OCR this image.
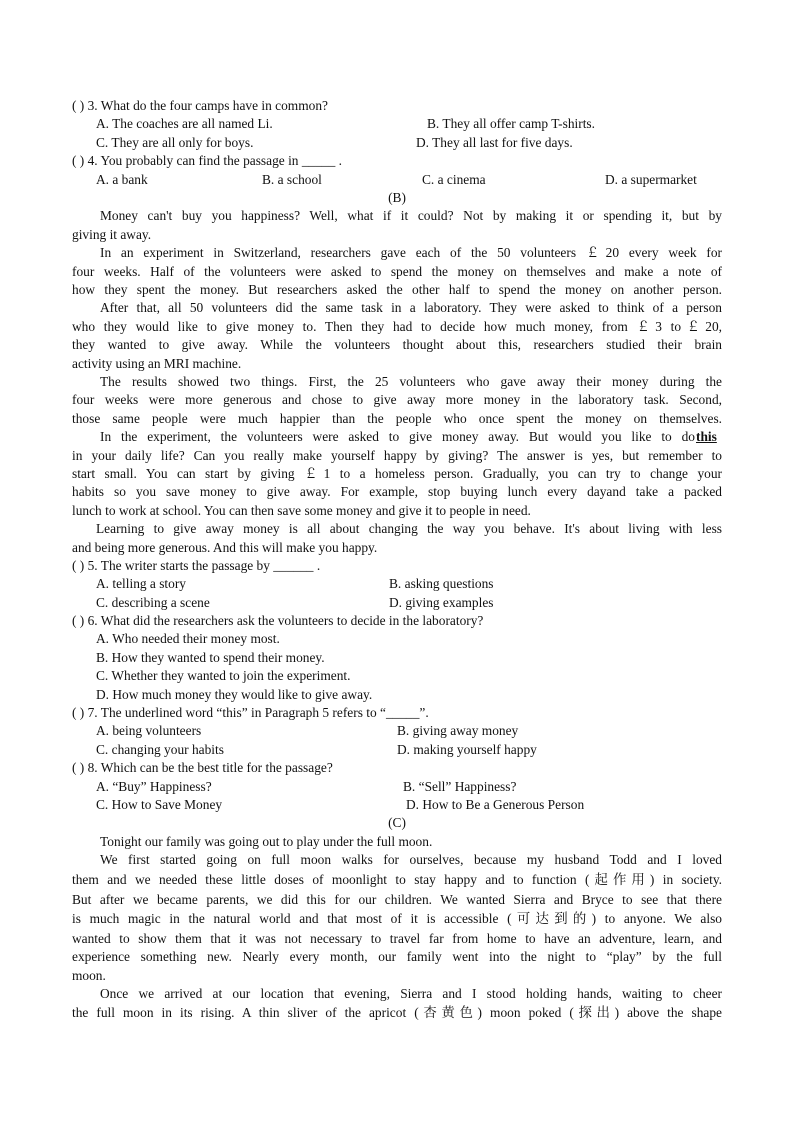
( ) 3. What do the four camps have in common?
A. The coaches are all named Li.	B. They all offer camp T-shirts.
C. They are all only for boys.	D. They all last for five days.
( ) 4. You probably can find the passage in _____ .
A. a bank	B. a school	C. a cinema	D. a supermarket
(B)
Money can't buy you happiness? Well, what if it could? Not by making it or spending it, but by
giving it away.
In an experiment in Switzerland, researchers gave each of the 50 volunteers ￡20 every week for
four weeks. Half of the volunteers were asked to spend the money on themselves and make a note of
how they spent the money. But researchers asked the other half to spend the money on another person.
After that, all 50 volunteers did the same task in a laboratory. They were asked to think of a person
who they would like to give money to. Then they had to decide how much money, from ￡3 to￡20,
they wanted to give away. While the volunteers thought about this, researchers studied their brain
activity using an MRI machine.
The results showed two things. First, the 25 volunteers who gave away their money during the
four weeks were more generous and chose to give away more money in the laboratory task. Second,
those same people were much happier than the people who once spent the money on themselves.
In the experiment, the volunteers were asked to give money away. But would you like to do this
in your daily life? Can you really make yourself happy by giving? The answer is yes, but remember to
start small. You can start by giving ￡1 to a homeless person. Gradually, you can try to change your
habits so you save money to give away. For example, stop buying lunch every dayand take a packed
lunch to work at school. You can then save some money and give it to people in need.
Learning to give away money is all about changing the way you behave. It's about living with less
and being more generous. And this will make you happy.
( ) 5. The writer starts the passage by ______ .
A. telling a story	B. asking questions
C. describing a scene	D. giving examples
( ) 6. What did the researchers ask the volunteers to decide in the laboratory?
A. Who needed their money most.
B. How they wanted to spend their money.
C. Whether they wanted to join the experiment.
D. How much money they would like to give away.
( ) 7. The underlined word “this” in Paragraph 5 refers to “_____”.
A. being volunteers	B. giving away money
C. changing your habits	D. making yourself happy
( ) 8. Which can be the best title for the passage?
A. “Buy” Happiness?	B. “Sell” Happiness?
C. How to Save Money	D. How to Be a Generous Person
(C)
Tonight our family was going out to play under the full moon.
We first started going on full moon walks for ourselves, because my husband Todd and I loved
them and we needed these little doses of moonlight to stay happy and to function (起作用) in society.
But after we became parents, we did this for our children. We wanted Sierra and Bryce to see that there
is much magic in the natural world and that most of it is accessible (可达到的) to anyone. We also
wanted to show them that it was not necessary to travel far from home to have an adventure, learn, and
experience something new. Nearly every month, our family went into the night to “play” by the full
moon.
Once we arrived at our location that evening, Sierra and I stood holding hands, waiting to cheer
the full moon in its rising. A thin sliver of the apricot (杏黄色) moon poked (探出) above the shape
